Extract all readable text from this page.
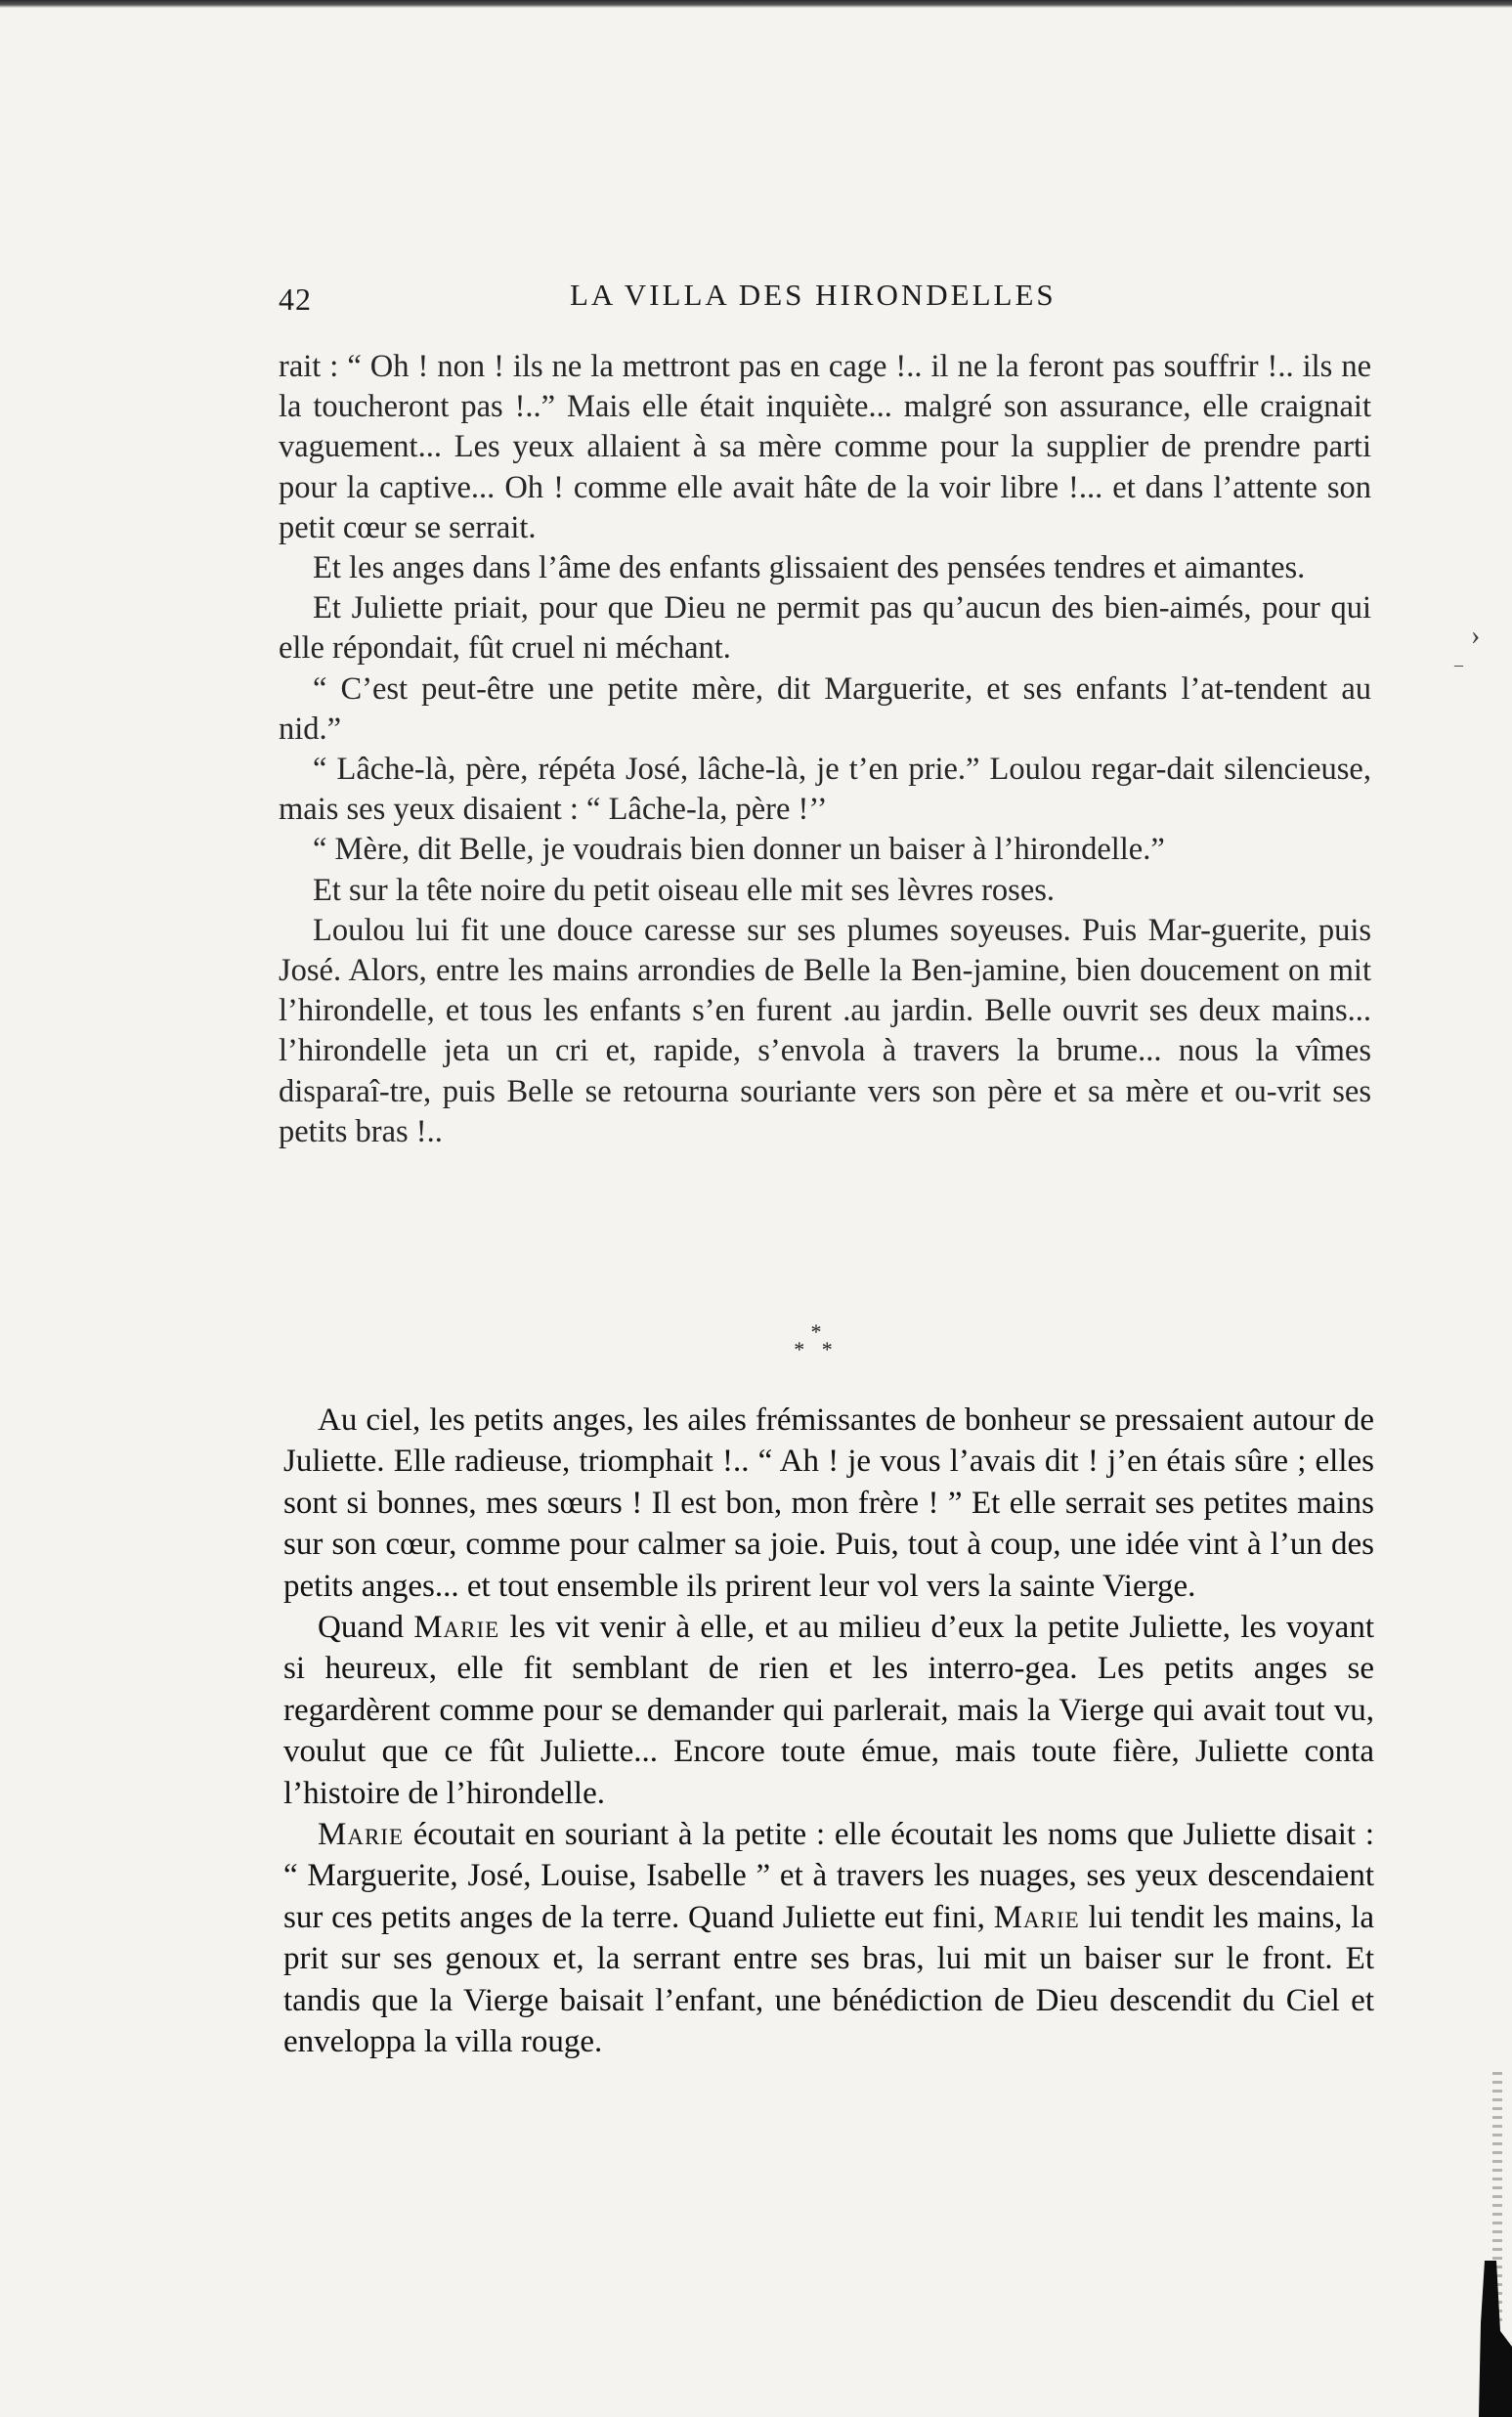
42	LA VILLA DES HIRONDELLES

rait : “ Oh ! non ! ils ne la mettront pas en cage !.. il ne la feront pas souffrir !.. ils ne la toucheront pas !..” Mais elle était inquiète... malgré son assurance, elle craignait vaguement... Les yeux allaient à sa mère comme pour la supplier de prendre parti pour la captive... Oh ! comme elle avait hâte de la voir libre !... et dans l’attente son petit cœur se serrait.

Et les anges dans l’âme des enfants glissaient des pensées tendres et aimantes.

Et Juliette priait, pour que Dieu ne permit pas qu’aucun des bien-aimés, pour qui elle répondait, fût cruel ni méchant.

“ C’est peut-être une petite mère, dit Marguerite, et ses enfants l’at-tendent au nid.”

“ Lâche-là, père, répéta José, lâche-là, je t’en prie.” Loulou regar-dait silencieuse, mais ses yeux disaient : “ Lâche-la, père !’’

“ Mère, dit Belle, je voudrais bien donner un baiser à l’hirondelle.”

Et sur la tête noire du petit oiseau elle mit ses lèvres roses.

Loulou lui fit une douce caresse sur ses plumes soyeuses. Puis Mar-guerite, puis José. Alors, entre les mains arrondies de Belle la Ben-jamine, bien doucement on mit l’hirondelle, et tous les enfants s’en furent .au jardin. Belle ouvrit ses deux mains... l’hirondelle jeta un cri et, rapide, s’envola à travers la brume... nous la vîmes disparaî-tre, puis Belle se retourna souriante vers son père et sa mère et ou-vrit ses petits bras !..

*
* *

Au ciel, les petits anges, les ailes frémissantes de bonheur se pressaient autour de Juliette. Elle radieuse, triomphait !.. “ Ah ! je vous l’avais dit ! j’en étais sûre ; elles sont si bonnes, mes sœurs ! Il est bon, mon frère ! ” Et elle serrait ses petites mains sur son cœur, comme pour calmer sa joie. Puis, tout à coup, une idée vint à l’un des petits anges... et tout ensemble ils prirent leur vol vers la sainte Vierge.

Quand Marie les vit venir à elle, et au milieu d’eux la petite Juliette, les voyant si heureux, elle fit semblant de rien et les interro-gea. Les petits anges se regardèrent comme pour se demander qui parlerait, mais la Vierge qui avait tout vu, voulut que ce fût Juliette... Encore toute émue, mais toute fière, Juliette conta l’histoire de l’hirondelle.

Marie écoutait en souriant à la petite : elle écoutait les noms que Juliette disait : “ Marguerite, José, Louise, Isabelle ” et à travers les nuages, ses yeux descendaient sur ces petits anges de la terre. Quand Juliette eut fini, Marie lui tendit les mains, la prit sur ses genoux et, la serrant entre ses bras, lui mit un baiser sur le front. Et tandis que la Vierge baisait l’enfant, une bénédiction de Dieu descendit du Ciel et enveloppa la villa rouge.

›
–
